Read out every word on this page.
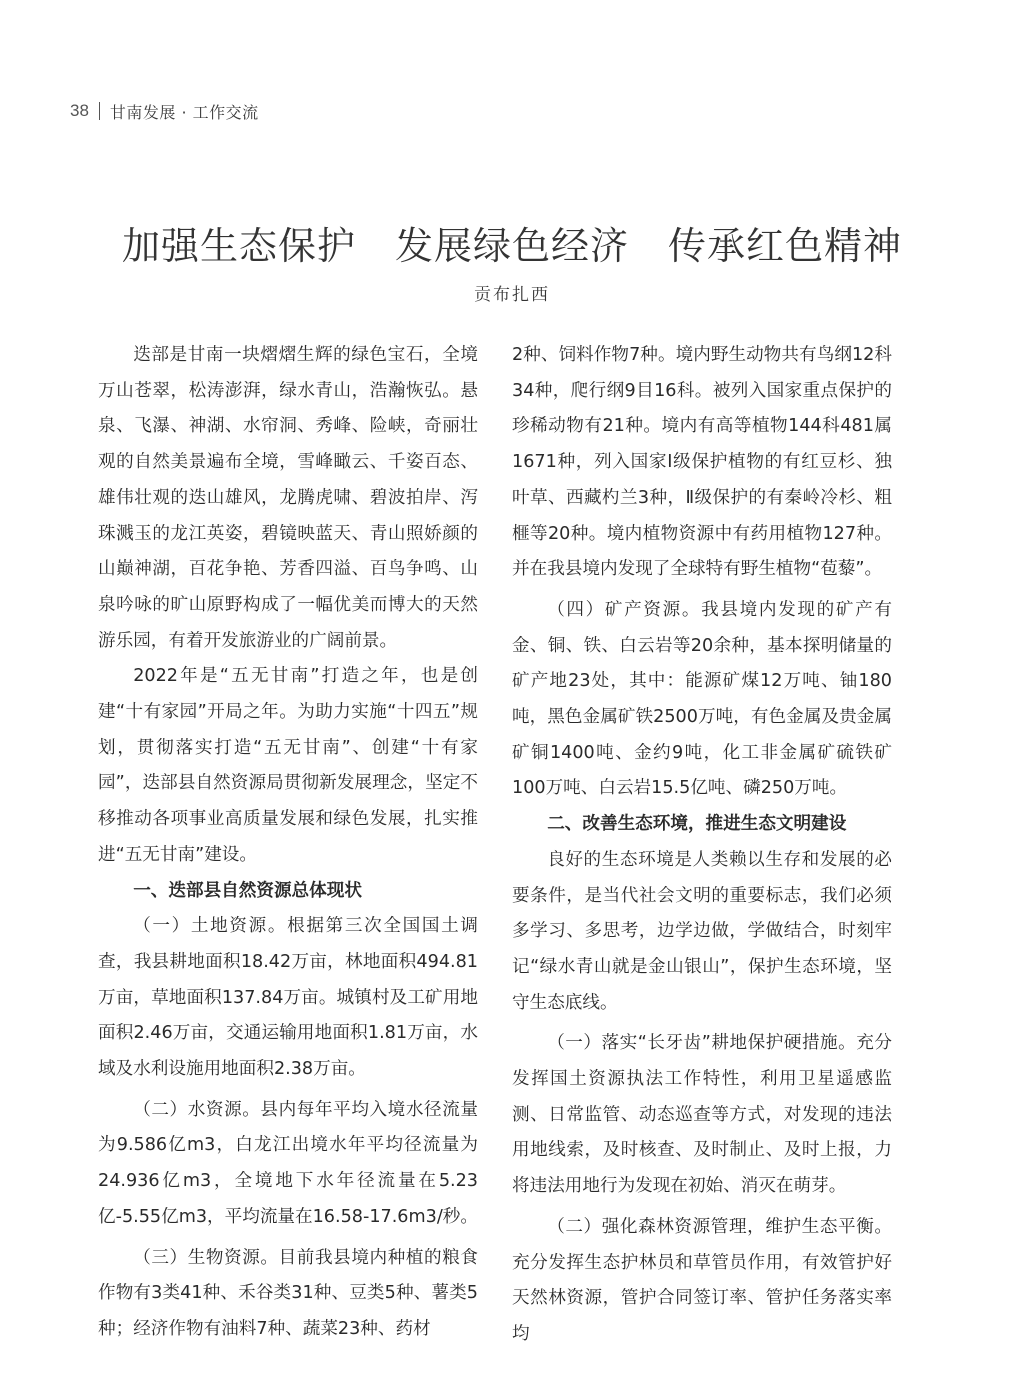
38 甘南发展 · 工作交流
加强生态保护　发展绿色经济　传承红色精神

贡布扎西

迭部是甘南一块熠熠生辉的绿色宝石，全境万山苍翠，松涛澎湃，绿水青山，浩瀚恢弘。悬泉、飞瀑、神湖、水帘洞、秀峰、险峡，奇丽壮观的自然美景遍布全境，雪峰瞰云、千姿百态、雄伟壮观的迭山雄风，龙腾虎啸、碧波拍岸、泻珠溅玉的龙江英姿，碧镜映蓝天、青山照娇颜的山巅神湖，百花争艳、芳香四溢、百鸟争鸣、山泉吟咏的旷山原野构成了一幅优美而博大的天然游乐园，有着开发旅游业的广阔前景。

2022年是“五无甘南”打造之年，也是创建“十有家园”开局之年。为助力实施“十四五”规划，贯彻落实打造“五无甘南”、创建“十有家园”，迭部县自然资源局贯彻新发展理念，坚定不移推动各项事业高质量发展和绿色发展，扎实推进“五无甘南”建设。

一、迭部县自然资源总体现状

（一）土地资源。根据第三次全国国土调查，我县耕地面积18.42万亩，林地面积494.81万亩，草地面积137.84万亩。城镇村及工矿用地面积2.46万亩，交通运输用地面积1.81万亩，水域及水利设施用地面积2.38万亩。

（二）水资源。县内每年平均入境水径流量为9.586亿m3，白龙江出境水年平均径流量为24.936亿m3，全境地下水年径流量在5.23亿-5.55亿m3，平均流量在16.58-17.6m3/秒。

（三）生物资源。目前我县境内种植的粮食作物有3类41种、禾谷类31种、豆类5种、薯类5种；经济作物有油料7种、蔬菜23种、药材

2种、饲料作物7种。境内野生动物共有鸟纲12科34种，爬行纲9目16科。被列入国家重点保护的珍稀动物有21种。境内有高等植物144科481属1671种，列入国家Ⅰ级保护植物的有红豆杉、独叶草、西藏杓兰3种，Ⅱ级保护的有秦岭冷杉、粗榧等20种。境内植物资源中有药用植物127种。并在我县境内发现了全球特有野生植物“苞藜”。

（四）矿产资源。我县境内发现的矿产有金、铜、铁、白云岩等20余种，基本探明储量的矿产地23处，其中：能源矿煤12万吨、铀180吨，黑色金属矿铁2500万吨，有色金属及贵金属矿铜1400吨、金约9吨，化工非金属矿硫铁矿100万吨、白云岩15.5亿吨、磷250万吨。

二、改善生态环境，推进生态文明建设

良好的生态环境是人类赖以生存和发展的必要条件，是当代社会文明的重要标志，我们必须多学习、多思考，边学边做，学做结合，时刻牢记“绿水青山就是金山银山”，保护生态环境，坚守生态底线。

（一）落实“长牙齿”耕地保护硬措施。充分发挥国土资源执法工作特性，利用卫星遥感监测、日常监管、动态巡查等方式，对发现的违法用地线索，及时核查、及时制止、及时上报，力将违法用地行为发现在初始、消灭在萌芽。

（二）强化森林资源管理，维护生态平衡。充分发挥生态护林员和草管员作用，有效管护好天然林资源，管护合同签订率、管护任务落实率均
